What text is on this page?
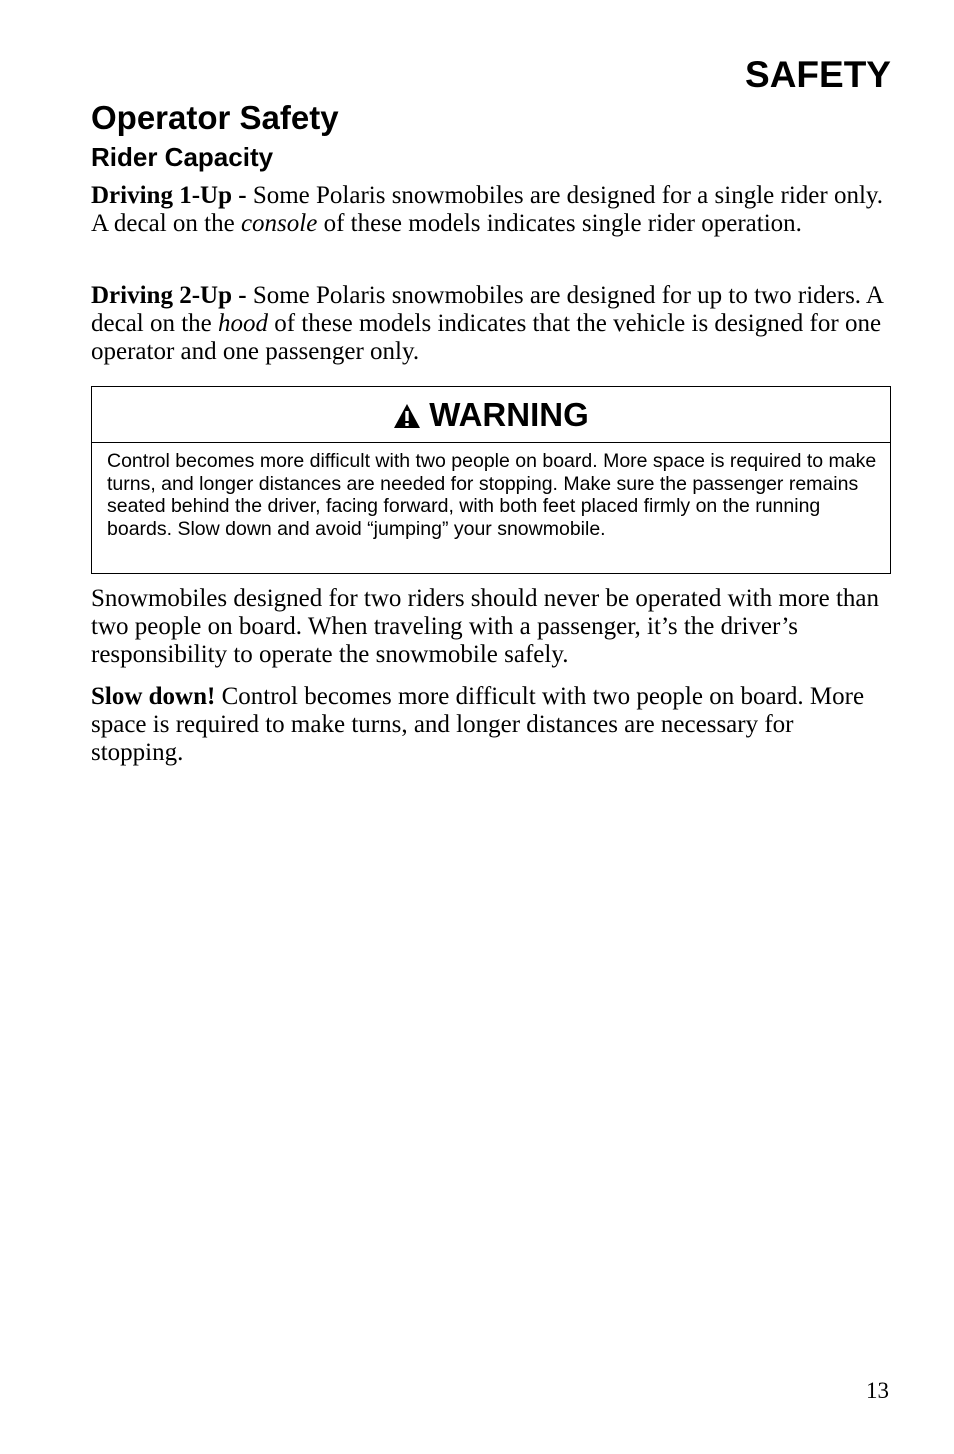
SAFETY
Operator Safety
Rider Capacity

Driving 1-Up - Some Polaris snowmobiles are designed for a single rider only. A decal on the console of these models indicates single rider operation.

Driving 2-Up - Some Polaris snowmobiles are designed for up to two riders. A decal on the hood of these models indicates that the vehicle is designed for one operator and one passenger only.

WARNING
Control becomes more difficult with two people on board. More space is required to make turns, and longer distances are needed for stopping. Make sure the passenger remains seated behind the driver, facing forward, with both feet placed firmly on the running boards. Slow down and avoid “jumping” your snowmobile.

Snowmobiles designed for two riders should never be operated with more than two people on board. When traveling with a passenger, it’s the driver’s responsibility to operate the snowmobile safely.

Slow down! Control becomes more difficult with two people on board. More space is required to make turns, and longer distances are necessary for stopping.

13
